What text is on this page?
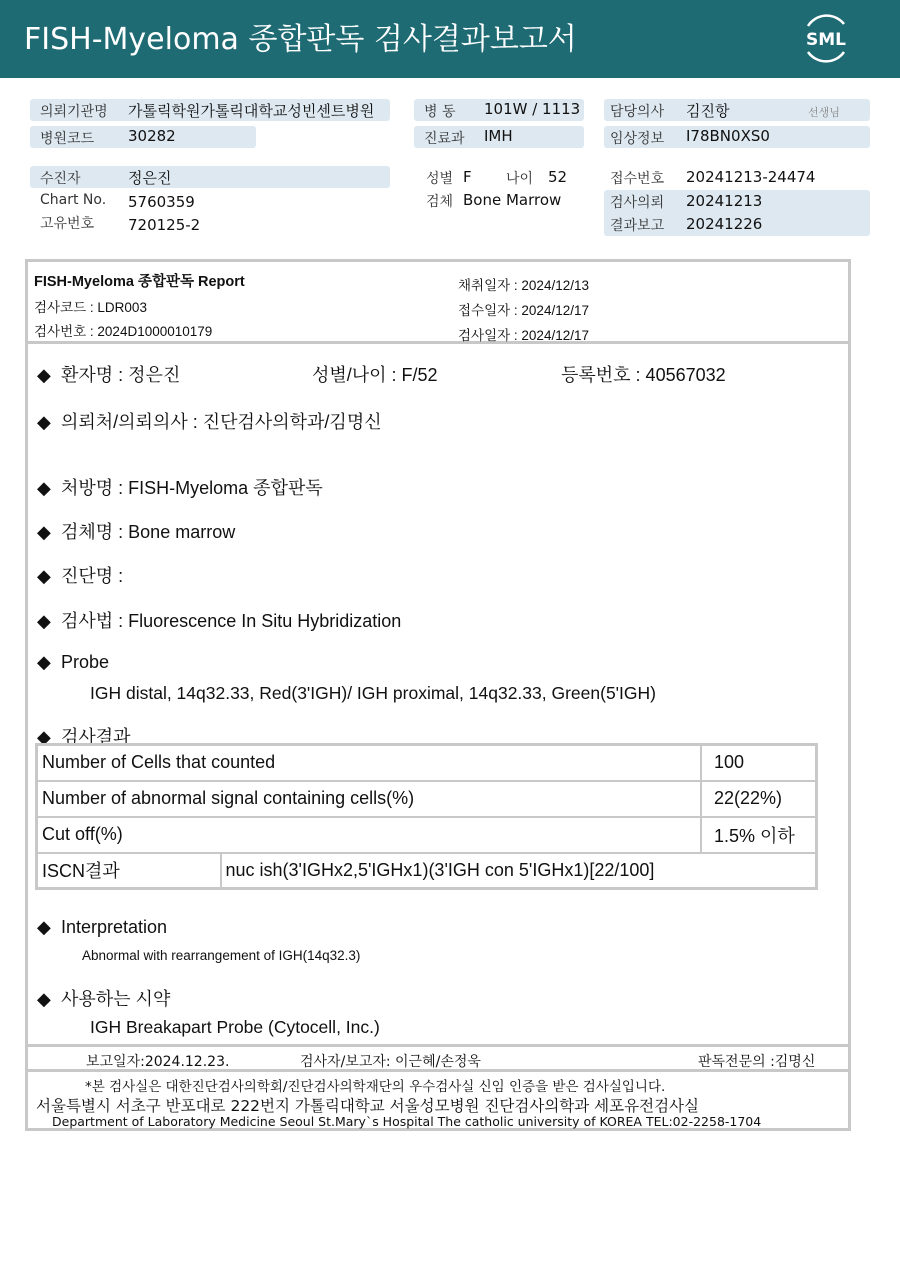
FISH-Myeloma 종합판독 검사결과보고서	SML
의뢰기관명 가톨릭학원가톨릭대학교성빈센트병원
병원코드 30282
병 동 101W / 1113
진료과 IMH
담당의사 김진항	선생님
임상정보 I78BN0XS0
수진자	정은진
Chart No. 5760359
고유번호 720125-2
성별 F 나이 52
검체 Bone Marrow
접수번호 20241213-24474
검사의뢰 20241213
결과보고 20241226
FISH-Myeloma 종합판독 Report
검사코드 : LDR003
검사번호 : 2024D1000010179
채취일자 : 2024/12/13
접수일자 : 2024/12/17
검사일자 : 2024/12/17
◆ 환자명 : 정은진	성별/나이 : F/52	등록번호 : 40567032
◆ 의뢰처/의뢰의사 : 진단검사의학과/김명신
◆ 처방명 : FISH-Myeloma 종합판독
◆ 검체명 : Bone marrow
◆ 진단명 :
◆ 검사법 : Fluorescence In Situ Hybridization
◆ Probe
IGH distal, 14q32.33, Red(3'IGH)/ IGH proximal, 14q32.33, Green(5'IGH)
◆ 검사결과
Number of Cells that counted		100
Number of abnormal signal containing cells(%)		22(22%)
Cut off(%)		1.5% 이하
ISCN결과	nuc ish(3'IGHx2,5'IGHx1)(3'IGH con 5'IGHx1)[22/100]	
◆ Interpretation
Abnormal with rearrangement of IGH(14q32.3)
◆ 사용하는 시약
IGH Breakapart Probe (Cytocell, Inc.)
보고일자:2024.12.23.	검사자/보고자: 이근혜/손정욱	판독전문의 :김명신
*본 검사실은 대한진단검사의학회/진단검사의학재단의 우수검사실 신임 인증을 받은 검사실입니다.
서울특별시 서초구 반포대로 222번지 가톨릭대학교 서울성모병원 진단검사의학과 세포유전검사실
Department of Laboratory Medicine Seoul St.Mary`s Hospital The catholic university of KOREA TEL:02-2258-1704
